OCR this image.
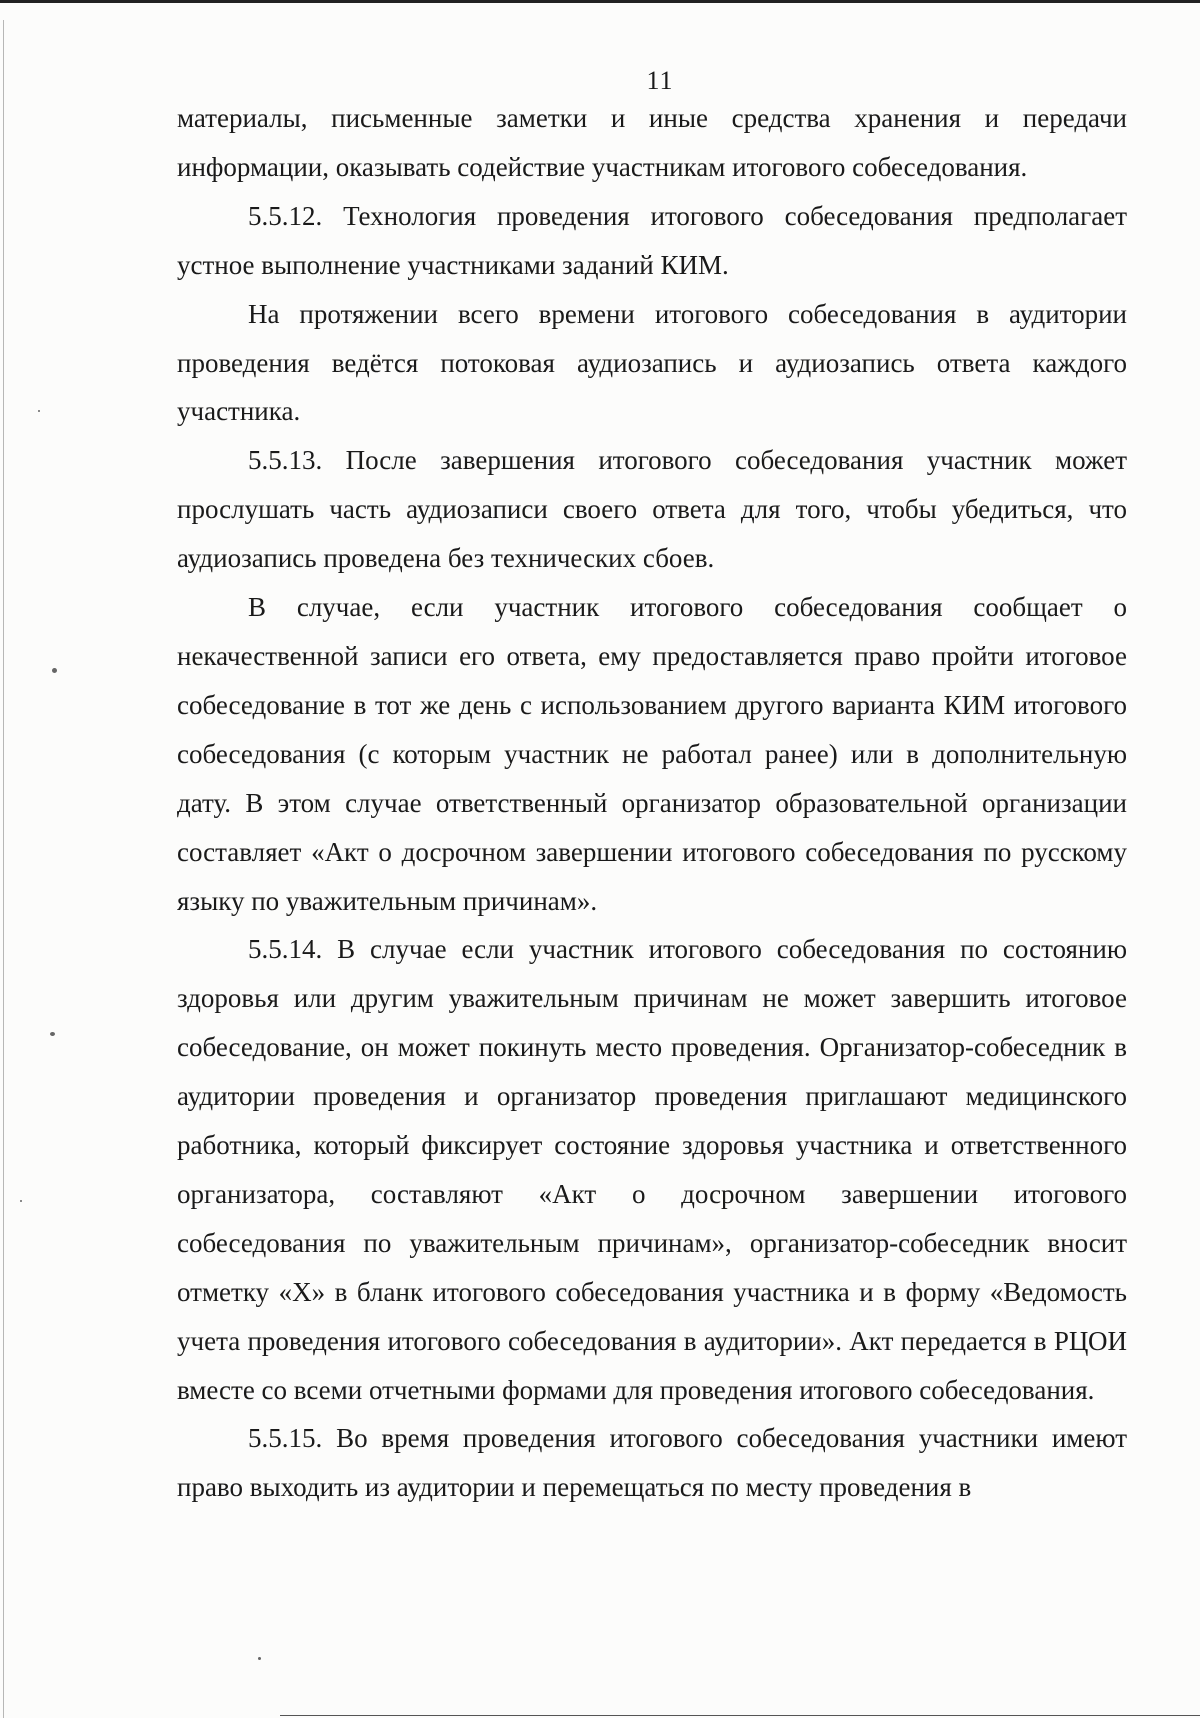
11

материалы, письменные заметки и иные средства хранения и передачи информации, оказывать содействие участникам итогового собеседования.

5.5.12. Технология проведения итогового собеседования предполагает устное выполнение участниками заданий КИМ.

На протяжении всего времени итогового собеседования в аудитории проведения ведётся потоковая аудиозапись и аудиозапись ответа каждого участника.

5.5.13. После завершения итогового собеседования участник может прослушать часть аудиозаписи своего ответа для того, чтобы убедиться, что аудиозапись проведена без технических сбоев.

В случае, если участник итогового собеседования сообщает о некачественной записи его ответа, ему предоставляется право пройти итоговое собеседование в тот же день с использованием другого варианта КИМ итогового собеседования (с которым участник не работал ранее) или в дополнительную дату. В этом случае ответственный организатор образовательной организации составляет «Акт о досрочном завершении итогового собеседования по русскому языку по уважительным причинам».

5.5.14. В случае если участник итогового собеседования по состоянию здоровья или другим уважительным причинам не может завершить итоговое собеседование, он может покинуть место проведения. Организатор-собеседник в аудитории проведения и организатор проведения приглашают медицинского работника, который фиксирует состояние здоровья участника и ответственного организатора, составляют «Акт о досрочном завершении итогового собеседования по уважительным причинам», организатор-собеседник вносит отметку «Х» в бланк итогового собеседования участника и в форму «Ведомость учета проведения итогового собеседования в аудитории». Акт передается в РЦОИ вместе со всеми отчетными формами для проведения итогового собеседования.

5.5.15. Во время проведения итогового собеседования участники имеют право выходить из аудитории и перемещаться по месту проведения в
